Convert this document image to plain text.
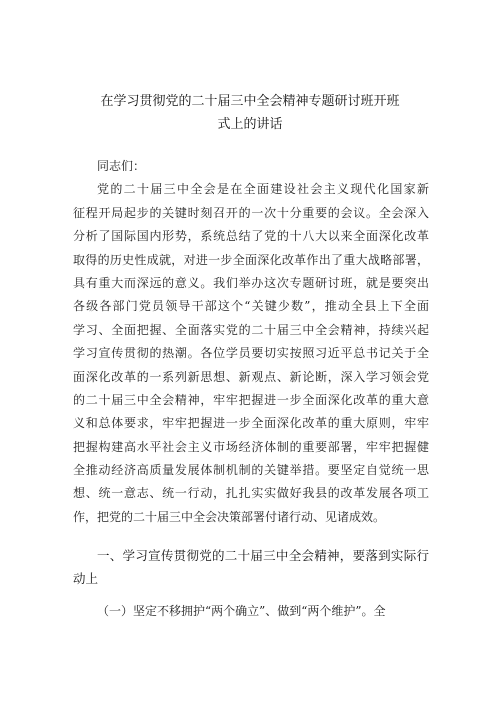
在学习贯彻党的二十届三中全会精神专题研讨班开班
式上的讲话
同志们：
党的二十届三中全会是在全面建设社会主义现代化国家新
征程开局起步的关键时刻召开的一次十分重要的会议。全会深入
分析了国际国内形势，系统总结了党的十八大以来全面深化改革
取得的历史性成就，对进一步全面深化改革作出了重大战略部署，
具有重大而深远的意义。我们举办这次专题研讨班，就是要突出
各级各部门党员领导干部这个“关键少数”，推动全县上下全面
学习、全面把握、全面落实党的二十届三中全会精神，持续兴起
学习宣传贯彻的热潮。各位学员要切实按照习近平总书记关于全
面深化改革的一系列新思想、新观点、新论断，深入学习领会党
的二十届三中全会精神，牢牢把握进一步全面深化改革的重大意
义和总体要求，牢牢把握进一步全面深化改革的重大原则，牢牢
把握构建高水平社会主义市场经济体制的重要部署，牢牢把握健
全推动经济高质量发展体制机制的关键举措。要坚定自觉统一思
想、统一意志、统一行动，扎扎实实做好我县的改革发展各项工
作，把党的二十届三中全会决策部署付诸行动、见诸成效。
一、学习宣传贯彻党的二十届三中全会精神，要落到实际行
动上
（一）坚定不移拥护“两个确立”、做到“两个维护”。全
